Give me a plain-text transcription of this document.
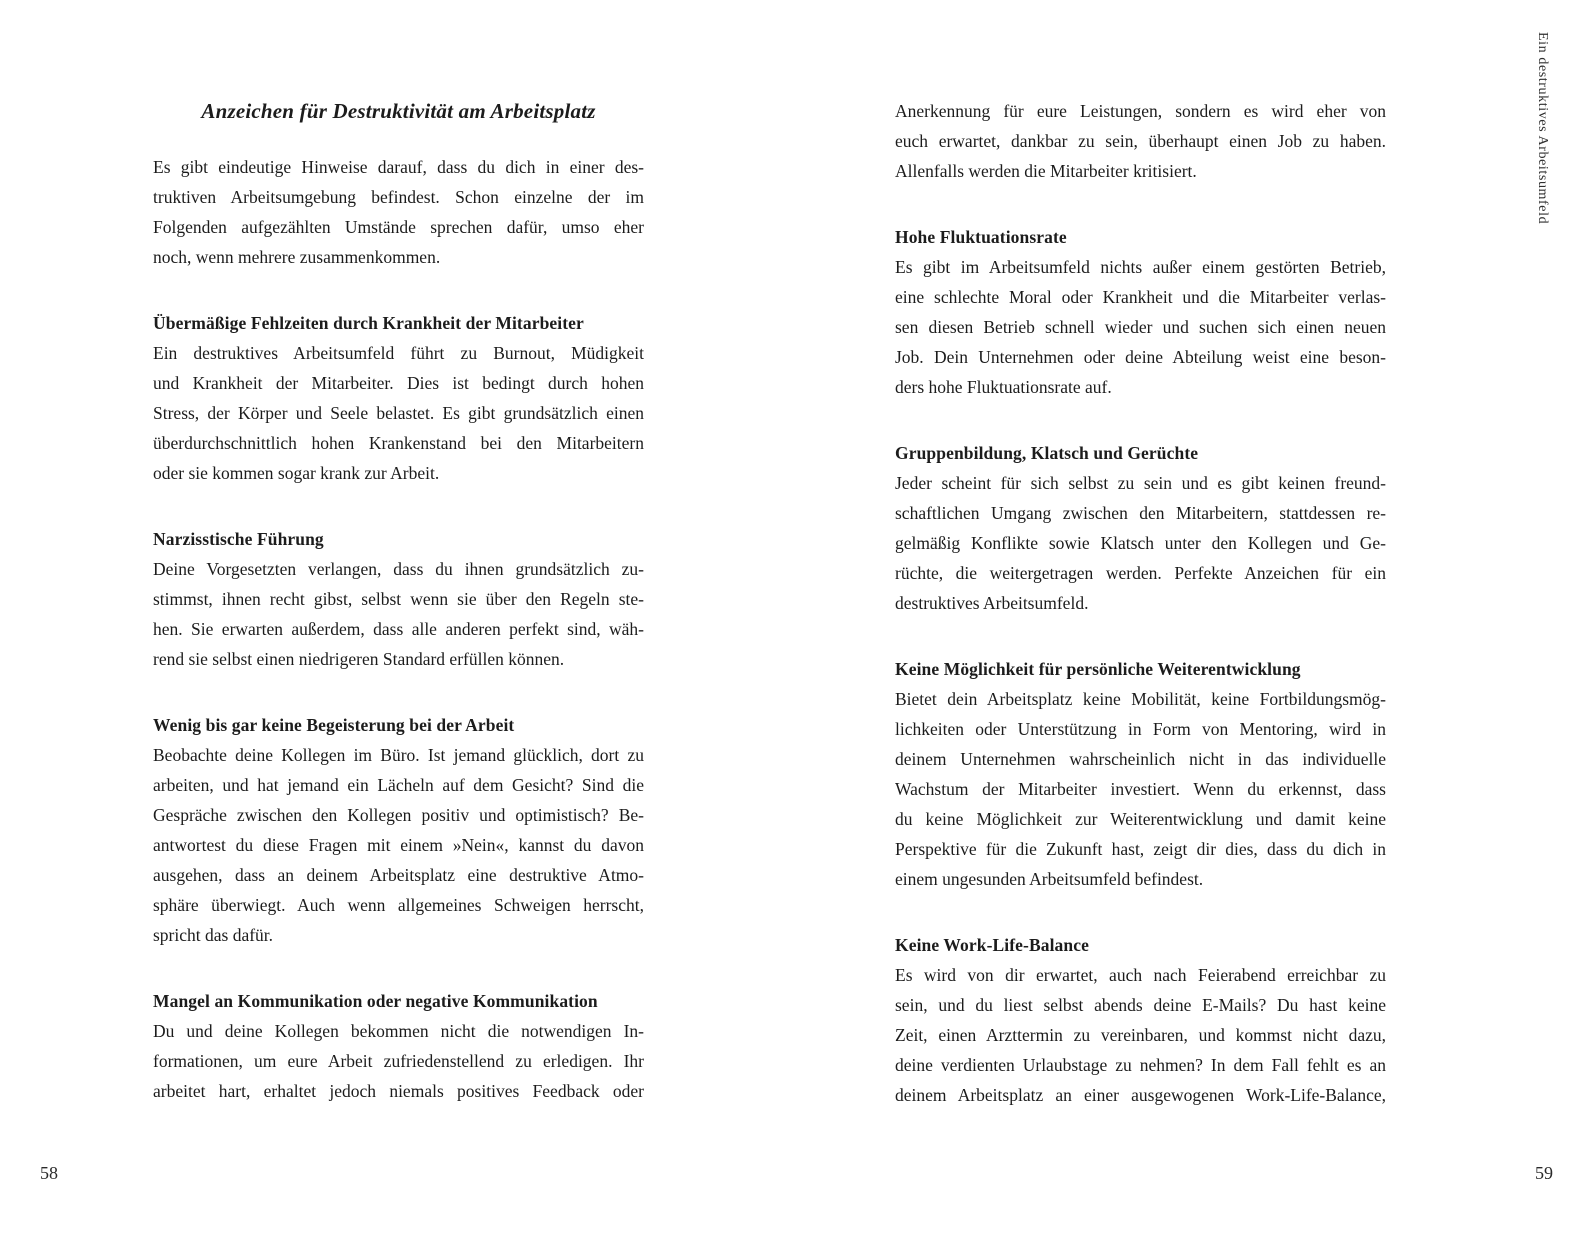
Anzeichen für Destruktivität am Arbeitsplatz
Es gibt eindeutige Hinweise darauf, dass du dich in einer des-
truktiven Arbeitsumgebung befindest. Schon einzelne der im
Folgenden aufgezählten Umstände sprechen dafür, umso eher
noch, wenn mehrere zusammenkommen.
Übermäßige Fehlzeiten durch Krankheit der Mitarbeiter
Ein destruktives Arbeitsumfeld führt zu Burnout, Müdigkeit
und Krankheit der Mitarbeiter. Dies ist bedingt durch hohen
Stress, der Körper und Seele belastet. Es gibt grundsätzlich einen
überdurchschnittlich hohen Krankenstand bei den Mitarbeitern
oder sie kommen sogar krank zur Arbeit.
Narzisstische Führung
Deine Vorgesetzten verlangen, dass du ihnen grundsätzlich zu-
stimmst, ihnen recht gibst, selbst wenn sie über den Regeln ste-
hen. Sie erwarten außerdem, dass alle anderen perfekt sind, wäh-
rend sie selbst einen niedrigeren Standard erfüllen können.
Wenig bis gar keine Begeisterung bei der Arbeit
Beobachte deine Kollegen im Büro. Ist jemand glücklich, dort zu
arbeiten, und hat jemand ein Lächeln auf dem Gesicht? Sind die
Gespräche zwischen den Kollegen positiv und optimistisch? Be-
antwortest du diese Fragen mit einem »Nein«, kannst du davon
ausgehen, dass an deinem Arbeitsplatz eine destruktive Atmo-
sphäre überwiegt. Auch wenn allgemeines Schweigen herrscht,
spricht das dafür.
Mangel an Kommunikation oder negative Kommunikation
Du und deine Kollegen bekommen nicht die notwendigen In-
formationen, um eure Arbeit zufriedenstellend zu erledigen. Ihr
arbeitet hart, erhaltet jedoch niemals positives Feedback oder
Anerkennung für eure Leistungen, sondern es wird eher von
euch erwartet, dankbar zu sein, überhaupt einen Job zu haben.
Allenfalls werden die Mitarbeiter kritisiert.
Hohe Fluktuationsrate
Es gibt im Arbeitsumfeld nichts außer einem gestörten Betrieb,
eine schlechte Moral oder Krankheit und die Mitarbeiter verlas-
sen diesen Betrieb schnell wieder und suchen sich einen neuen
Job. Dein Unternehmen oder deine Abteilung weist eine beson-
ders hohe Fluktuationsrate auf.
Gruppenbildung, Klatsch und Gerüchte
Jeder scheint für sich selbst zu sein und es gibt keinen freund-
schaftlichen Umgang zwischen den Mitarbeitern, stattdessen re-
gelmäßig Konflikte sowie Klatsch unter den Kollegen und Ge-
rüchte, die weitergetragen werden. Perfekte Anzeichen für ein
destruktives Arbeitsumfeld.
Keine Möglichkeit für persönliche Weiterentwicklung
Bietet dein Arbeitsplatz keine Mobilität, keine Fortbildungsmög-
lichkeiten oder Unterstützung in Form von Mentoring, wird in
deinem Unternehmen wahrscheinlich nicht in das individuelle
Wachstum der Mitarbeiter investiert. Wenn du erkennst, dass
du keine Möglichkeit zur Weiterentwicklung und damit keine
Perspektive für die Zukunft hast, zeigt dir dies, dass du dich in
einem ungesunden Arbeitsumfeld befindest.
Keine Work-Life-Balance
Es wird von dir erwartet, auch nach Feierabend erreichbar zu
sein, und du liest selbst abends deine E-Mails? Du hast keine
Zeit, einen Arzttermin zu vereinbaren, und kommst nicht dazu,
deine verdienten Urlaubstage zu nehmen? In dem Fall fehlt es an
deinem Arbeitsplatz an einer ausgewogenen Work-Life-Balance,
Ein destruktives Arbeitsumfeld
58	59
